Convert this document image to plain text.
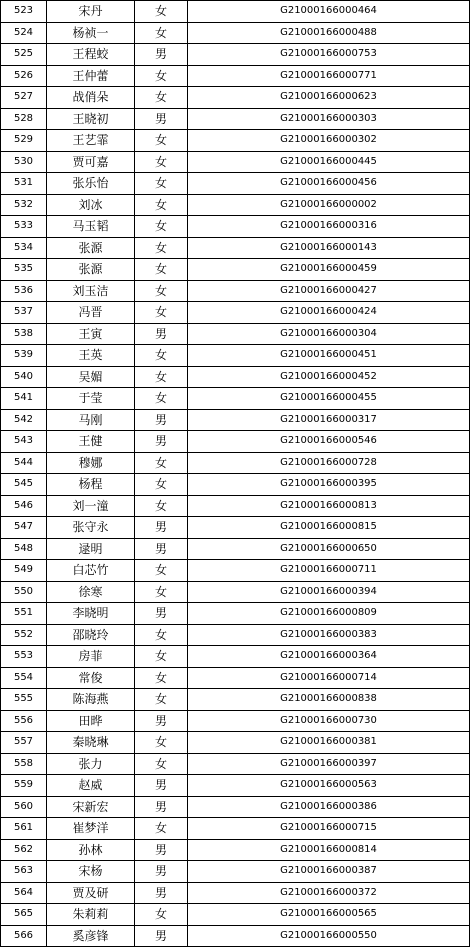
523	宋丹	女	G21000166000464
524	杨祯一	女	G21000166000488
525	王程蛟	男	G21000166000753
526	王仲蕾	女	G21000166000771
527	战俏朵	女	G21000166000623
528	王晓初	男	G21000166000303
529	王艺霏	女	G21000166000302
530	贾可嘉	女	G21000166000445
531	张乐怡	女	G21000166000456
532	刘冰	女	G21000166000002
533	马玉韬	女	G21000166000316
534	张源	女	G21000166000143
535	张源	女	G21000166000459
536	刘玉洁	女	G21000166000427
537	冯晋	女	G21000166000424
538	王寅	男	G21000166000304
539	王英	女	G21000166000451
540	吴媚	女	G21000166000452
541	于莹	女	G21000166000455
542	马刚	男	G21000166000317
543	王健	男	G21000166000546
544	穆娜	女	G21000166000728
545	杨程	女	G21000166000395
546	刘一潼	女	G21000166000813
547	张守永	男	G21000166000815
548	逯明	男	G21000166000650
549	白芯竹	女	G21000166000711
550	徐寒	女	G21000166000394
551	李晓明	男	G21000166000809
552	邵晓玲	女	G21000166000383
553	房菲	女	G21000166000364
554	常俊	女	G21000166000714
555	陈海燕	女	G21000166000838
556	田晔	男	G21000166000730
557	秦晓琳	女	G21000166000381
558	张力	女	G21000166000397
559	赵威	男	G21000166000563
560	宋新宏	男	G21000166000386
561	崔梦洋	女	G21000166000715
562	孙林	男	G21000166000814
563	宋杨	男	G21000166000387
564	贾及研	男	G21000166000372
565	朱莉莉	女	G21000166000565
566	奚彦锋	男	G21000166000550
